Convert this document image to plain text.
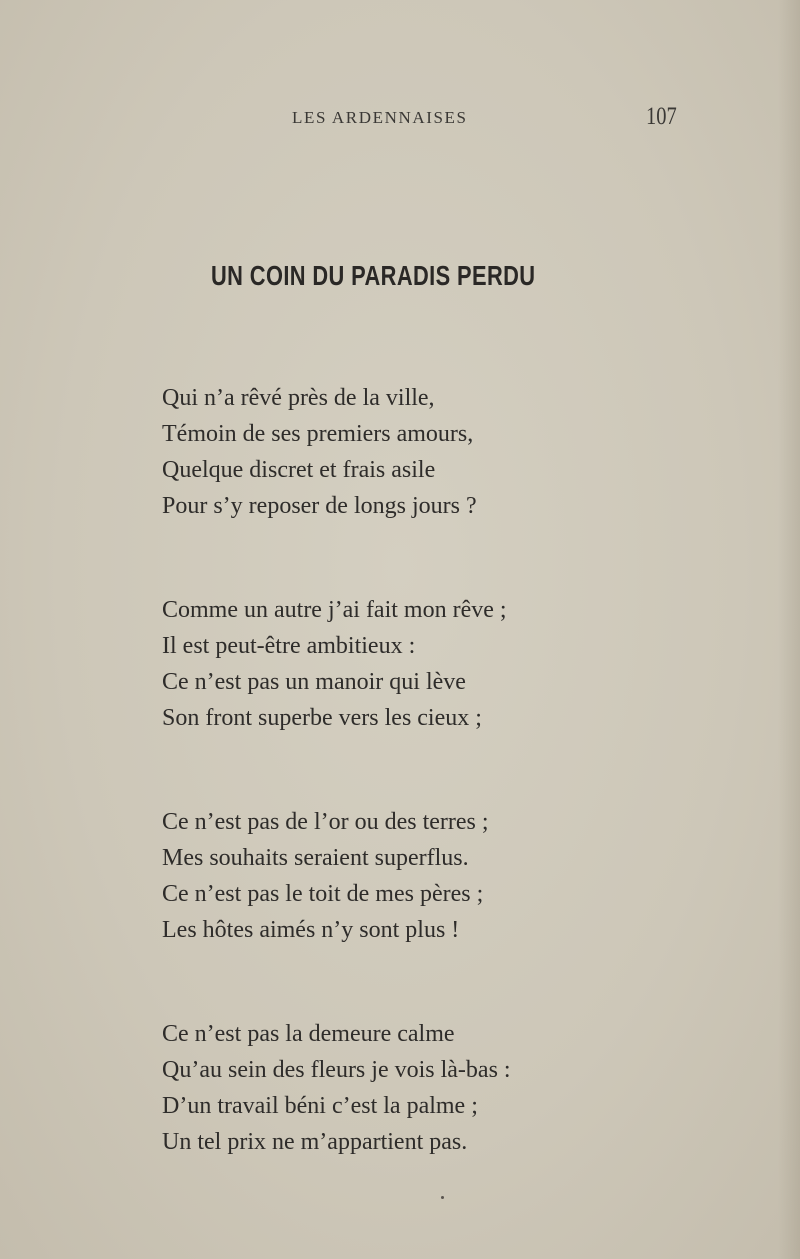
LES ARDENNAISES	107
UN COIN DU PARADIS PERDU
Qui n’a rêvé près de la ville,
Témoin de ses premiers amours,
Quelque discret et frais asile
Pour s’y reposer de longs jours ?
Comme un autre j’ai fait mon rêve ;
Il est peut-être ambitieux :
Ce n’est pas un manoir qui lève
Son front superbe vers les cieux ;
Ce n’est pas de l’or ou des terres ;
Mes souhaits seraient superflus.
Ce n’est pas le toit de mes pères ;
Les hôtes aimés n’y sont plus !
Ce n’est pas la demeure calme
Qu’au sein des fleurs je vois là-bas :
D’un travail béni c’est la palme ;
Un tel prix ne m’appartient pas.
